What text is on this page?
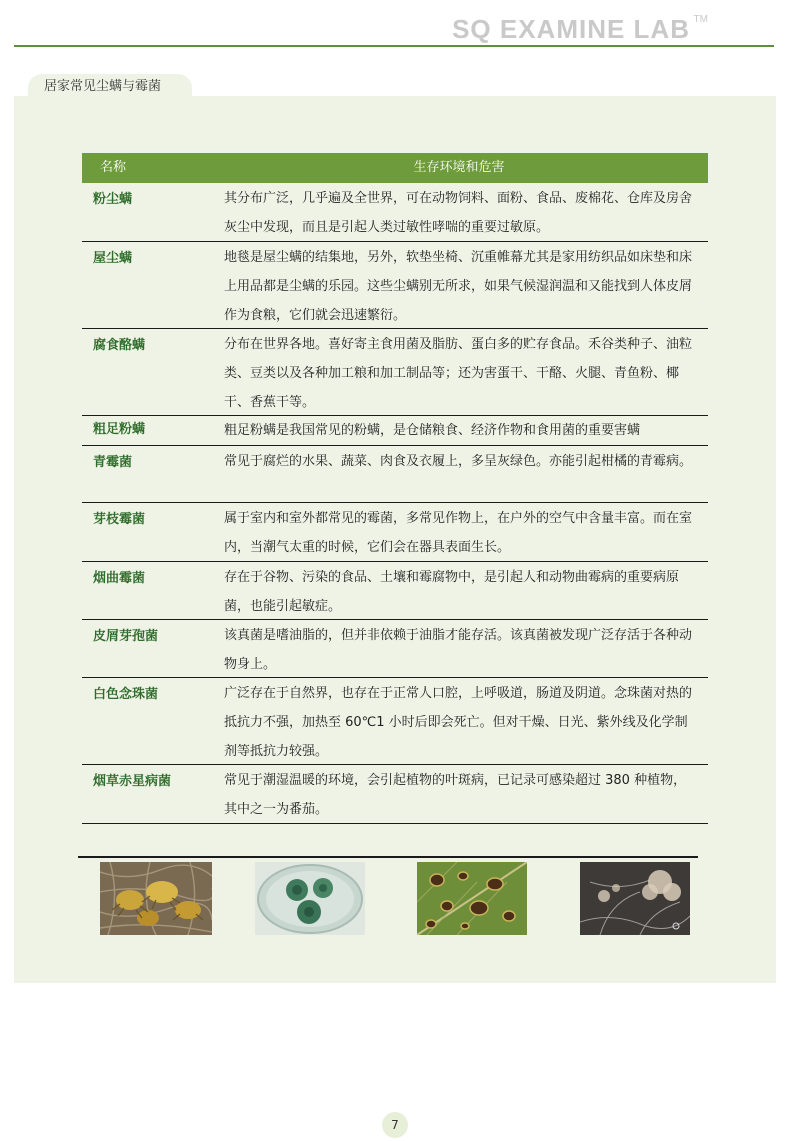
SQ EXAMINE LAB TM
居家常见尘螨与霉菌
名称	生存环境和危害
粉尘螨	其分布广泛，几乎遍及全世界，可在动物饲料、面粉、食品、废棉花、仓库及房舍灰尘中发现，而且是引起人类过敏性哮喘的重要过敏原。
屋尘螨	地毯是屋尘螨的结集地，另外，软垫坐椅、沉重帷幕尤其是家用纺织品如床垫和床上用品都是尘螨的乐园。这些尘螨别无所求，如果气候湿润温和又能找到人体皮屑作为食粮，它们就会迅速繁衍。
腐食酪螨	分布在世界各地。喜好寄主食用菌及脂肪、蛋白多的贮存食品。禾谷类种子、油粒类、豆类以及各种加工粮和加工制品等；还为害蛋干、干酪、火腿、青鱼粉、椰干、香蕉干等。
粗足粉螨	粗足粉螨是我国常见的粉螨，是仓储粮食、经济作物和食用菌的重要害螨
青霉菌	常见于腐烂的水果、蔬菜、肉食及衣履上，多呈灰绿色。亦能引起柑橘的青霉病。
芽枝霉菌	属于室内和室外都常见的霉菌，多常见作物上，在户外的空气中含量丰富。而在室内，当潮气太重的时候，它们会在器具表面生长。
烟曲霉菌	存在于谷物、污染的食品、土壤和霉腐物中，是引起人和动物曲霉病的重要病原菌，也能引起敏症。
皮屑芽孢菌	该真菌是嗜油脂的，但并非依赖于油脂才能存活。该真菌被发现广泛存活于各种动物身上。
白色念珠菌	广泛存在于自然界，也存在于正常人口腔，上呼吸道，肠道及阴道。念珠菌对热的抵抗力不强，加热至 60℃1 小时后即会死亡。但对干燥、日光、紫外线及化学制剂等抵抗力较强。
烟草赤星病菌	常见于潮湿温暖的环境，会引起植物的叶斑病，已记录可感染超过 380 种植物，其中之一为番茄。
7
